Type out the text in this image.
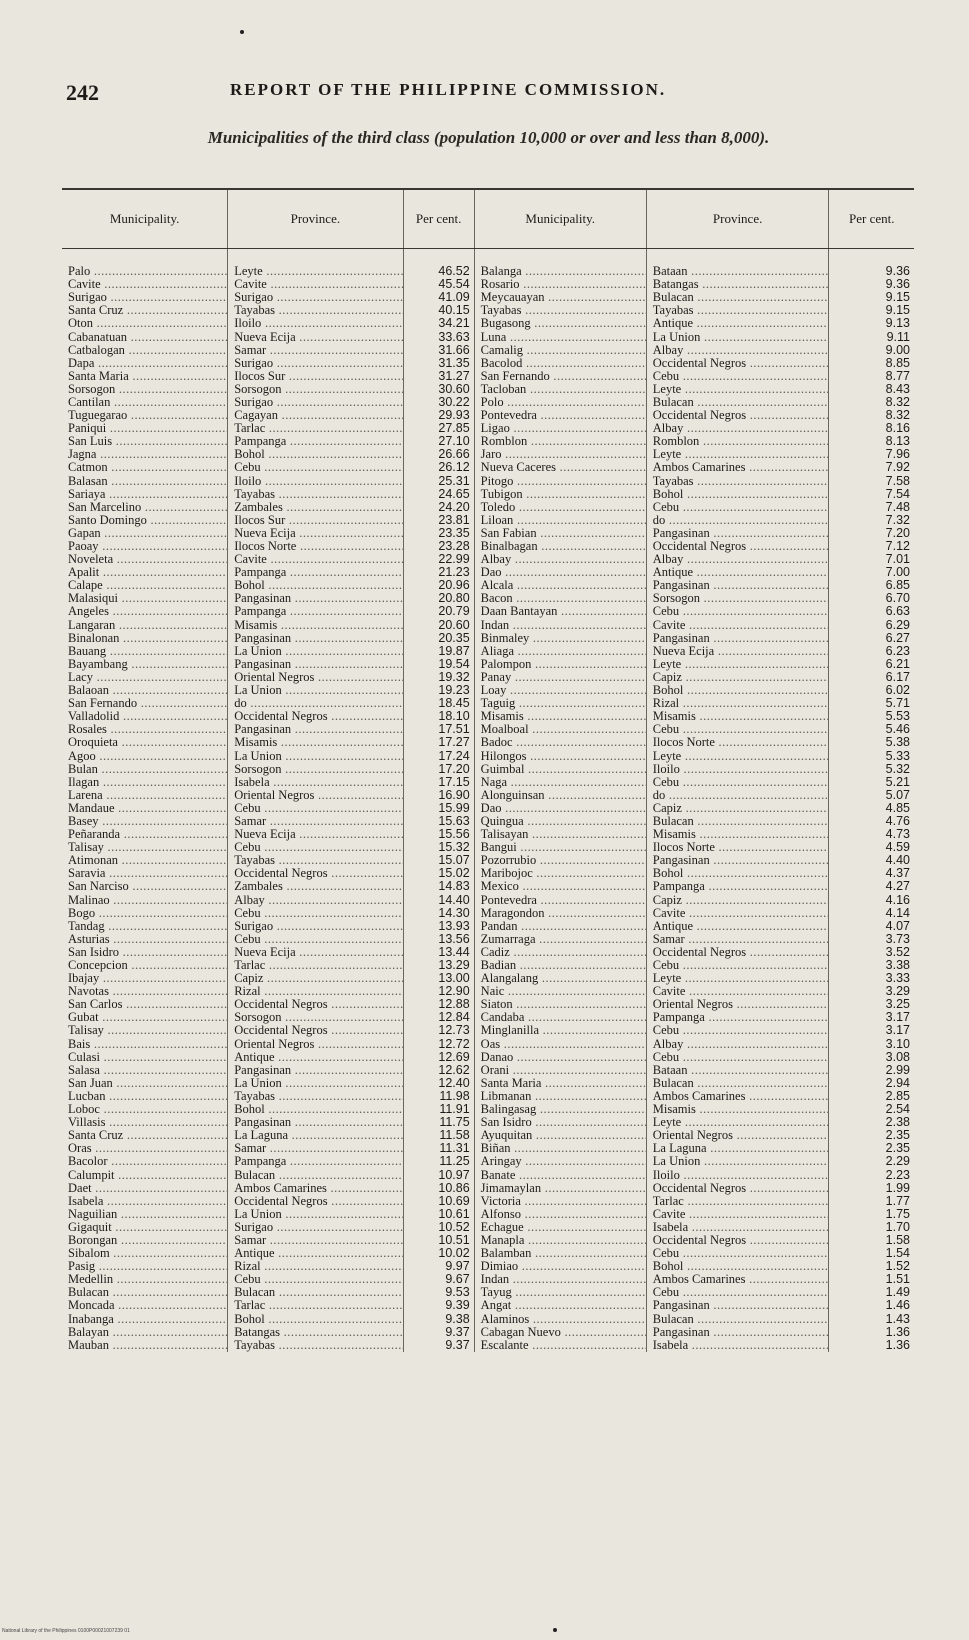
242	REPORT OF THE PHILIPPINE COMMISSION.
Municipalities of the third class (population 10,000 or over and less than 8,000).
Municipality.	Province.	Per cent.	Municipality.	Province.	Per cent.
Palo .....	Leyte .....	46.52	Balanga .....	Bataan .....	9.36
Cavite .....	Cavite .....	45.54	Rosario .....	Batangas .....	9.36
Surigao .....	Surigao .....	41.09	Meycauayan .....	Bulacan .....	9.15
Santa Cruz .....	Tayabas .....	40.15	Tayabas .....	Tayabas .....	9.15
Oton .....	Iloilo .....	34.21	Bugasong .....	Antique .....	9.13
Cabanatuan .....	Nueva Ecija .....	33.63	Luna .....	La Union .....	9.11
Catbalogan .....	Samar .....	31.66	Camalig .....	Albay .....	9.00
Dapa .....	Surigao .....	31.35	Bacolod .....	Occidental Negros .....	8.85
Santa Maria .....	Ilocos Sur .....	31.27	San Fernando .....	Cebu .....	8.77
Sorsogon .....	Sorsogon .....	30.60	Tacloban .....	Leyte .....	8.43
Cantilan .....	Surigao .....	30.22	Polo .....	Bulacan .....	8.32
Tuguegarao .....	Cagayan .....	29.93	Pontevedra .....	Occidental Negros .....	8.32
Paniqui .....	Tarlac .....	27.85	Ligao .....	Albay .....	8.16
San Luis .....	Pampanga .....	27.10	Romblon .....	Romblon .....	8.13
Jagna .....	Bohol .....	26.66	Jaro .....	Leyte .....	7.96
Catmon .....	Cebu .....	26.12	Nueva Caceres .....	Ambos Camarines .....	7.92
Balasan .....	Iloilo .....	25.31	Pitogo .....	Tayabas .....	7.58
Sariaya .....	Tayabas .....	24.65	Tubigon .....	Bohol .....	7.54
San Marcelino .....	Zambales .....	24.20	Toledo .....	Cebu .....	7.48
Santo Domingo .....	Ilocos Sur .....	23.81	Liloan .....	do .....	7.32
Gapan .....	Nueva Ecija .....	23.35	San Fabian .....	Pangasinan .....	7.20
Paoay .....	Ilocos Norte .....	23.28	Binalbagan .....	Occidental Negros .....	7.12
Noveleta .....	Cavite .....	22.99	Albay .....	Albay .....	7.01
Apalit .....	Pampanga .....	21.23	Dao .....	Antique .....	7.00
Calape .....	Bohol .....	20.96	Alcala .....	Pangasinan .....	6.85
Malasiqui .....	Pangasinan .....	20.80	Bacon .....	Sorsogon .....	6.70
Angeles .....	Pampanga .....	20.79	Daan Bantayan .....	Cebu .....	6.63
Langaran .....	Misamis .....	20.60	Indan .....	Cavite .....	6.29
Binalonan .....	Pangasinan .....	20.35	Binmaley .....	Pangasinan .....	6.27
Bauang .....	La Union .....	19.87	Aliaga .....	Nueva Ecija .....	6.23
Bayambang .....	Pangasinan .....	19.54	Palompon .....	Leyte .....	6.21
Lacy .....	Oriental Negros .....	19.32	Panay .....	Capiz .....	6.17
Balaoan .....	La Union .....	19.23	Loay .....	Bohol .....	6.02
San Fernando .....	do .....	18.45	Taguig .....	Rizal .....	5.71
Valladolid .....	Occidental Negros .....	18.10	Misamis .....	Misamis .....	5.53
Rosales .....	Pangasinan .....	17.51	Moalboal .....	Cebu .....	5.46
Oroquieta .....	Misamis .....	17.27	Badoc .....	Ilocos Norte .....	5.38
Agoo .....	La Union .....	17.24	Hilongos .....	Leyte .....	5.33
Bulan .....	Sorsogon .....	17.20	Guimbal .....	Iloilo .....	5.32
Ilagan .....	Isabela .....	17.15	Naga .....	Cebu .....	5.21
Larena .....	Oriental Negros .....	16.90	Alonguinsan .....	do .....	5.07
Mandaue .....	Cebu .....	15.99	Dao .....	Capiz .....	4.85
Basey .....	Samar .....	15.63	Quingua .....	Bulacan .....	4.76
Peñaranda .....	Nueva Ecija .....	15.56	Talisayan .....	Misamis .....	4.73
Talisay .....	Cebu .....	15.32	Bangui .....	Ilocos Norte .....	4.59
Atimonan .....	Tayabas .....	15.07	Pozorrubio .....	Pangasinan .....	4.40
Saravia .....	Occidental Negros .....	15.02	Maribojoc .....	Bohol .....	4.37
San Narciso .....	Zambales .....	14.83	Mexico .....	Pampanga .....	4.27
Malinao .....	Albay .....	14.40	Pontevedra .....	Capiz .....	4.16
Bogo .....	Cebu .....	14.30	Maragondon .....	Cavite .....	4.14
Tandag .....	Surigao .....	13.93	Pandan .....	Antique .....	4.07
Asturias .....	Cebu .....	13.56	Zumarraga .....	Samar .....	3.73
San Isidro .....	Nueva Ecija .....	13.44	Cadiz .....	Occidental Negros .....	3.52
Concepcion .....	Tarlac .....	13.29	Badian .....	Cebu .....	3.38
Ibajay .....	Capiz .....	13.00	Alangalang .....	Leyte .....	3.33
Navotas .....	Rizal .....	12.90	Naic .....	Cavite .....	3.29
San Carlos .....	Occidental Negros .....	12.88	Siaton .....	Oriental Negros .....	3.25
Gubat .....	Sorsogon .....	12.84	Candaba .....	Pampanga .....	3.17
Talisay .....	Occidental Negros .....	12.73	Minglanilla .....	Cebu .....	3.17
Bais .....	Oriental Negros .....	12.72	Oas .....	Albay .....	3.10
Culasi .....	Antique .....	12.69	Danao .....	Cebu .....	3.08
Salasa .....	Pangasinan .....	12.62	Orani .....	Bataan .....	2.99
San Juan .....	La Union .....	12.40	Santa Maria .....	Bulacan .....	2.94
Lucban .....	Tayabas .....	11.98	Libmanan .....	Ambos Camarines .....	2.85
Loboc .....	Bohol .....	11.91	Balingasag .....	Misamis .....	2.54
Villasis .....	Pangasinan .....	11.75	San Isidro .....	Leyte .....	2.38
Santa Cruz .....	La Laguna .....	11.58	Ayuquitan .....	Oriental Negros .....	2.35
Oras .....	Samar .....	11.31	Biñan .....	La Laguna .....	2.35
Bacolor .....	Pampanga .....	11.25	Aringay .....	La Union .....	2.29
Calumpit .....	Bulacan .....	10.97	Banate .....	Iloilo .....	2.23
Daet .....	Ambos Camarines .....	10.86	Jimamaylan .....	Occidental Negros .....	1.99
Isabela .....	Occidental Negros .....	10.69	Victoria .....	Tarlac .....	1.77
Naguilian .....	La Union .....	10.61	Alfonso .....	Cavite .....	1.75
Gigaquit .....	Surigao .....	10.52	Echague .....	Isabela .....	1.70
Borongan .....	Samar .....	10.51	Manapla .....	Occidental Negros .....	1.58
Sibalom .....	Antique .....	10.02	Balamban .....	Cebu .....	1.54
Pasig .....	Rizal .....	9.97	Dimiao .....	Bohol .....	1.52
Medellin .....	Cebu .....	9.67	Indan .....	Ambos Camarines .....	1.51
Bulacan .....	Bulacan .....	9.53	Tayug .....	Cebu .....	1.49
Moncada .....	Tarlac .....	9.39	Angat .....	Pangasinan .....	1.46
Inabanga .....	Bohol .....	9.38	Alaminos .....	Bulacan .....	1.43
Balayan .....	Batangas .....	9.37	Cabagan Nuevo .....	Pangasinan .....	1.36
Mauban .....	Tayabas .....	9.37	Escalante .....	Isabela .....	1.36
National Library of the Philippines 0100P00021007239 01
